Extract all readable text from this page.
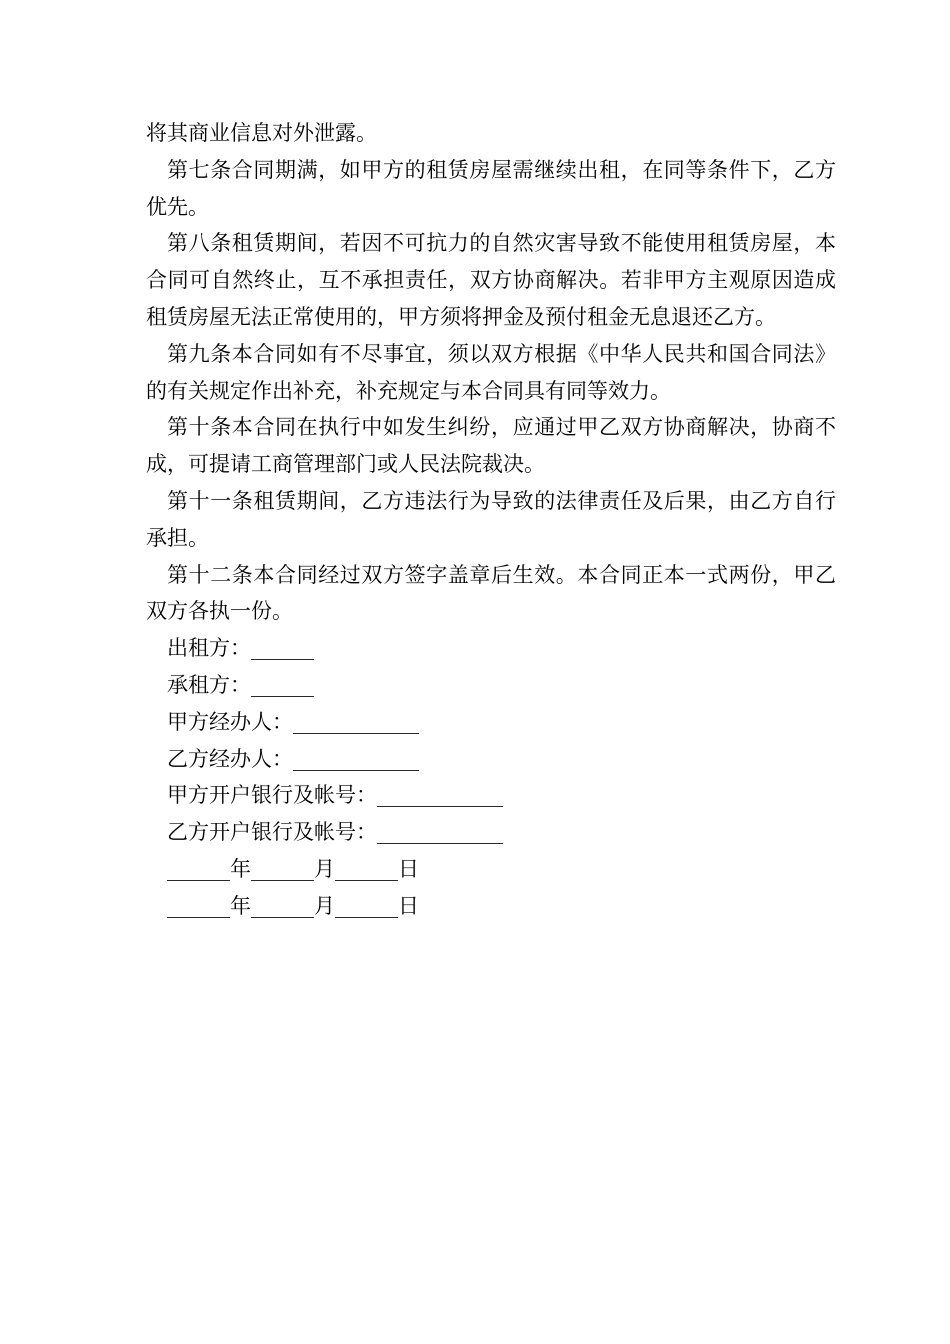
将其商业信息对外泄露。

第七条合同期满，如甲方的租赁房屋需继续出租，在同等条件下，乙方优先。

第八条租赁期间，若因不可抗力的自然灾害导致不能使用租赁房屋，本合同可自然终止，互不承担责任，双方协商解决。若非甲方主观原因造成租赁房屋无法正常使用的，甲方须将押金及预付租金无息退还乙方。

第九条本合同如有不尽事宜，须以双方根据《中华人民共和国合同法》的有关规定作出补充，补充规定与本合同具有同等效力。

第十条本合同在执行中如发生纠纷，应通过甲乙双方协商解决，协商不成，可提请工商管理部门或人民法院裁决。

第十一条租赁期间，乙方违法行为导致的法律责任及后果，由乙方自行承担。

第十二条本合同经过双方签字盖章后生效。本合同正本一式两份，甲乙双方各执一份。

出租方：______

承租方：______

甲方经办人：____________

乙方经办人：____________

甲方开户银行及帐号：____________

乙方开户银行及帐号：____________

______年______月______日

______年______月______日
